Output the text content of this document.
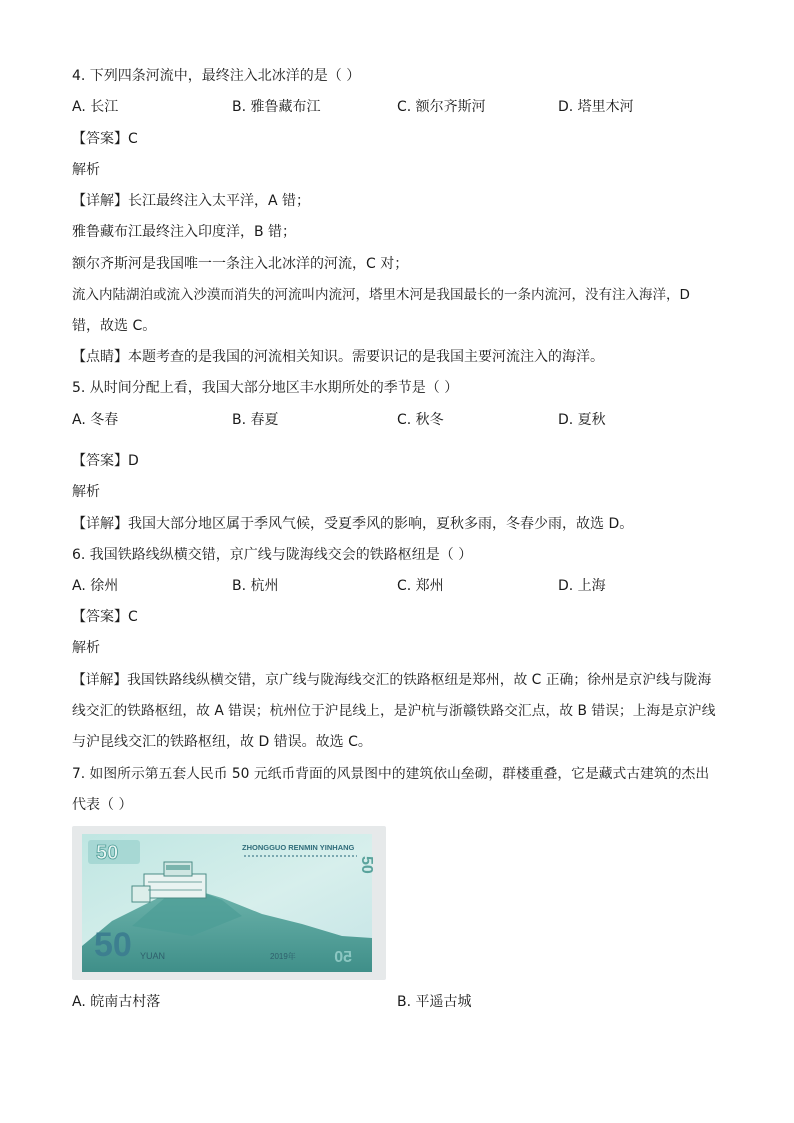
4. 下列四条河流中，最终注入北冰洋的是（ ）
A. 长江	B. 雅鲁藏布江	C. 额尔齐斯河	D. 塔里木河
【答案】C
解析
【详解】长江最终注入太平洋，A 错；
雅鲁藏布江最终注入印度洋，B 错；
额尔齐斯河是我国唯一一条注入北冰洋的河流，C 对；
流入内陆湖泊或流入沙漠而消失的河流叫内流河，塔里木河是我国最长的一条内流河，没有注入海洋，D
错，故选 C。
【点睛】本题考查的是我国的河流相关知识。需要识记的是我国主要河流注入的海洋。
5. 从时间分配上看，我国大部分地区丰水期所处的季节是（ ）
A. 冬春	B. 春夏	C. 秋冬	D. 夏秋
【答案】D
解析
【详解】我国大部分地区属于季风气候，受夏季风的影响，夏秋多雨，冬春少雨，故选 D。
6. 我国铁路线纵横交错，京广线与陇海线交会的铁路枢纽是（ ）
A. 徐州	B. 杭州	C. 郑州	D. 上海
【答案】C
解析
【详解】我国铁路线纵横交错，京广线与陇海线交汇的铁路枢纽是郑州，故 C 正确；徐州是京沪线与陇海
线交汇的铁路枢纽，故 A 错误；杭州位于沪昆线上，是沪杭与浙赣铁路交汇点，故 B 错误；上海是京沪线
与沪昆线交汇的铁路枢纽，故 D 错误。故选 C。
7. 如图所示第五套人民币 50 元纸币背面的风景图中的建筑依山垒砌，群楼重叠，它是藏式古建筑的杰出
代表（ ）
50	ZHONGGUO RENMIN YINHANG
50
50 YUAN	2019年 50
A. 皖南古村落	B. 平遥古城
